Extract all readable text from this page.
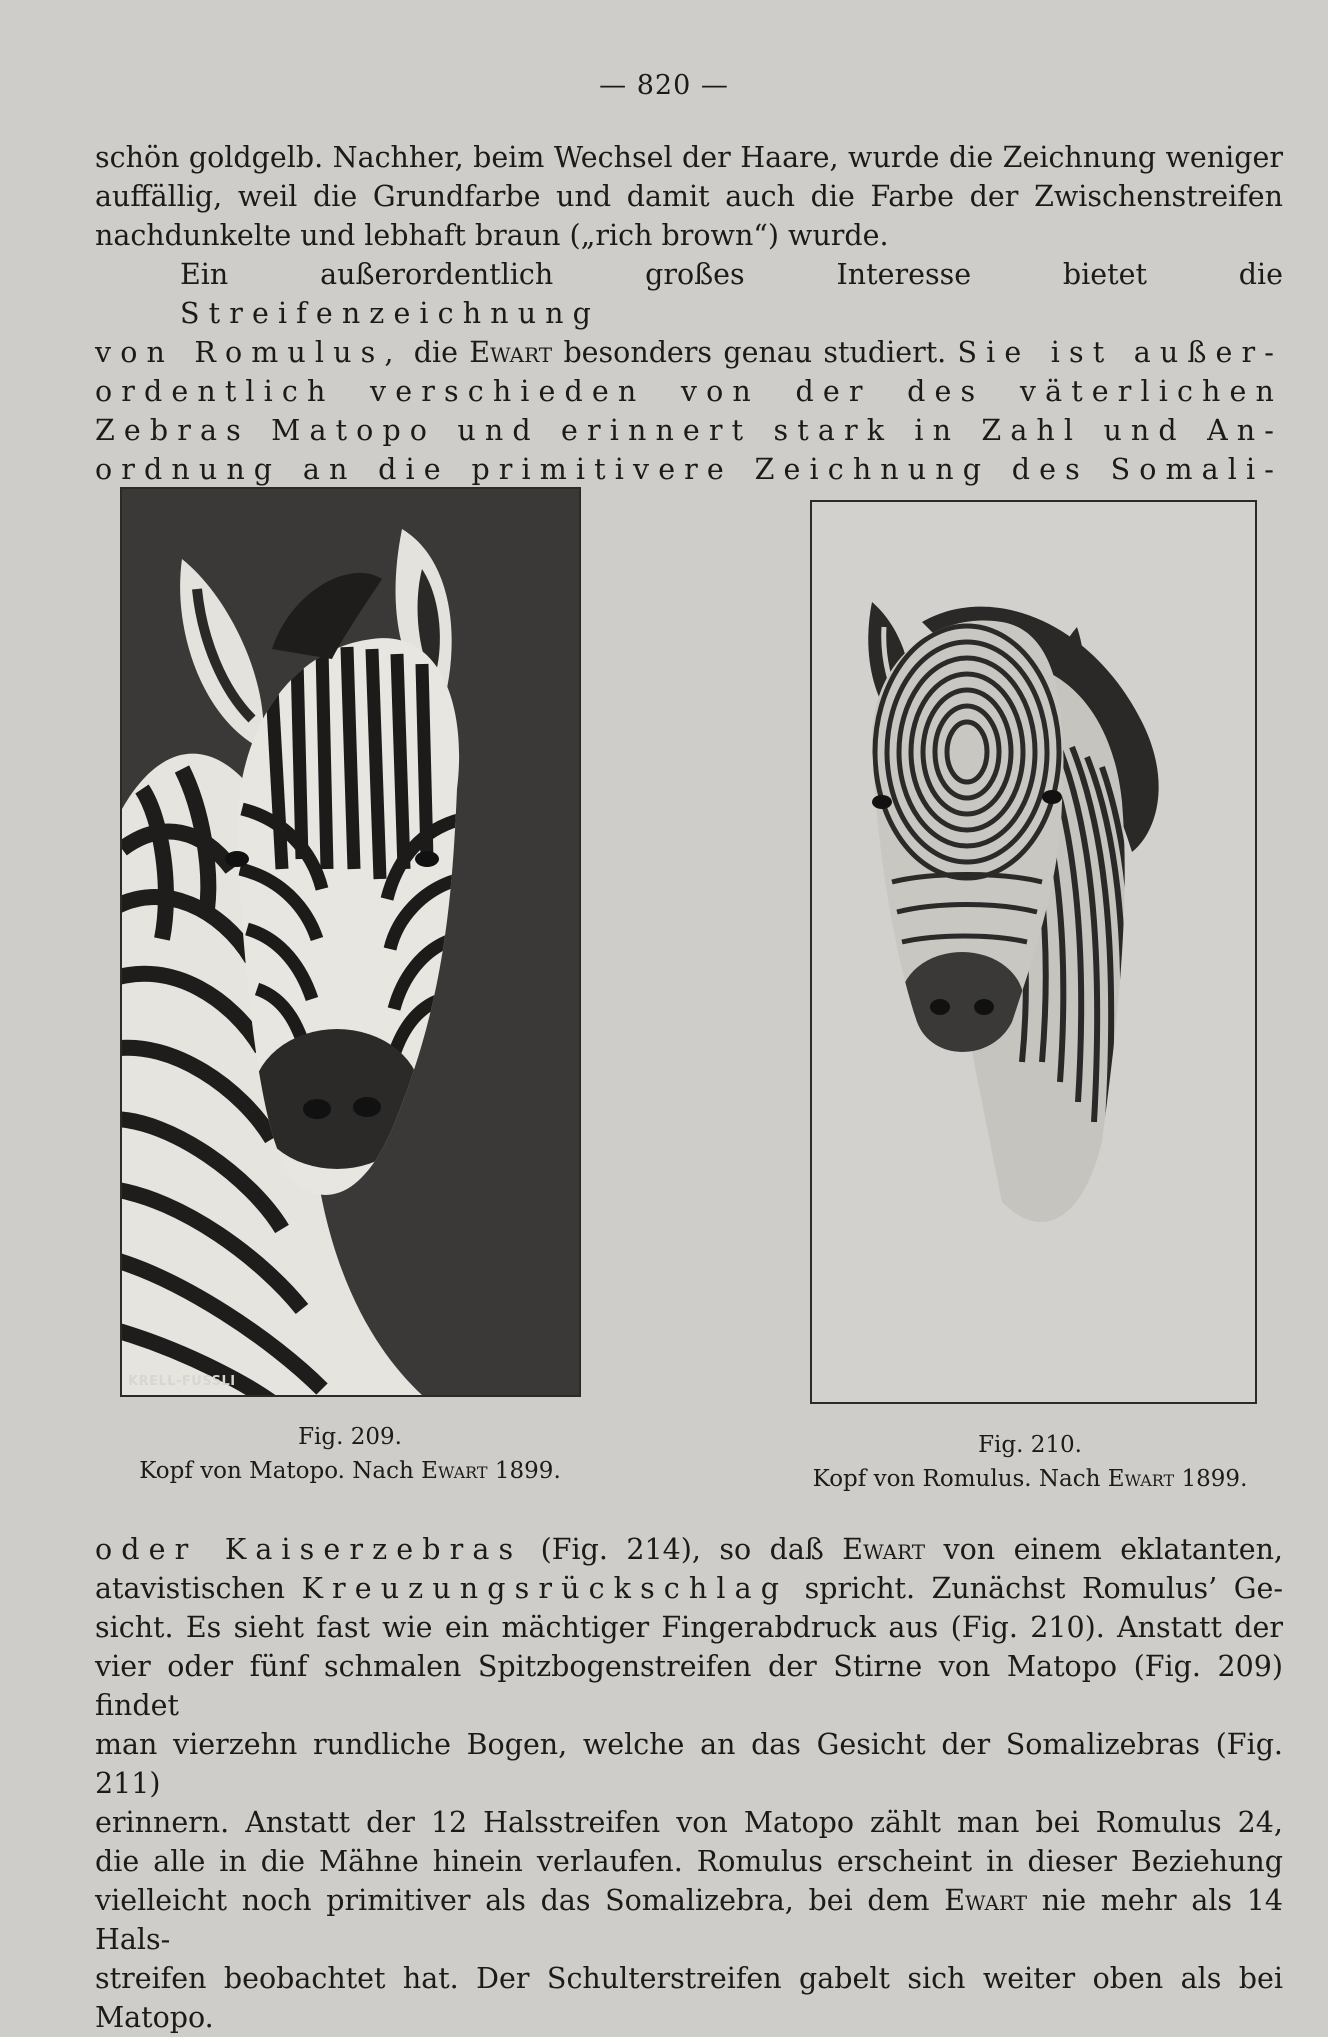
— 820 —

schön goldgelb. Nachher, beim Wechsel der Haare, wurde die Zeichnung weniger
auffällig, weil die Grundfarbe und damit auch die Farbe der Zwischenstreifen
nachdunkelte und lebhaft braun („rich brown“) wurde.

Ein außerordentlich großes Interesse bietet die Streifenzeichnung
von Romulus, die Ewart besonders genau studiert. Sie ist außer-
ordentlich verschieden von der des väterlichen
Zebras Matopo und erinnert stark in Zahl und An-
ordnung an die primitivere Zeichnung des Somali-

KRELL-FUSSLI
Fig. 209.
Kopf von Matopo. Nach Ewart 1899.
Fig. 210.
Kopf von Romulus. Nach Ewart 1899.

oder Kaiserzebras (Fig. 214), so daß Ewart von einem eklatanten,
atavistischen Kreuzungsrückschlag spricht. Zunächst Romulus’ Ge-
sicht. Es sieht fast wie ein mächtiger Fingerabdruck aus (Fig. 210). Anstatt der
vier oder fünf schmalen Spitzbogenstreifen der Stirne von Matopo (Fig. 209) findet
man vierzehn rundliche Bogen, welche an das Gesicht der Somalizebras (Fig. 211)
erinnern. Anstatt der 12 Halsstreifen von Matopo zählt man bei Romulus 24,
die alle in die Mähne hinein verlaufen. Romulus erscheint in dieser Beziehung
vielleicht noch primitiver als das Somalizebra, bei dem Ewart nie mehr als 14 Hals-
streifen beobachtet hat. Der Schulterstreifen gabelt sich weiter oben als bei Matopo.
